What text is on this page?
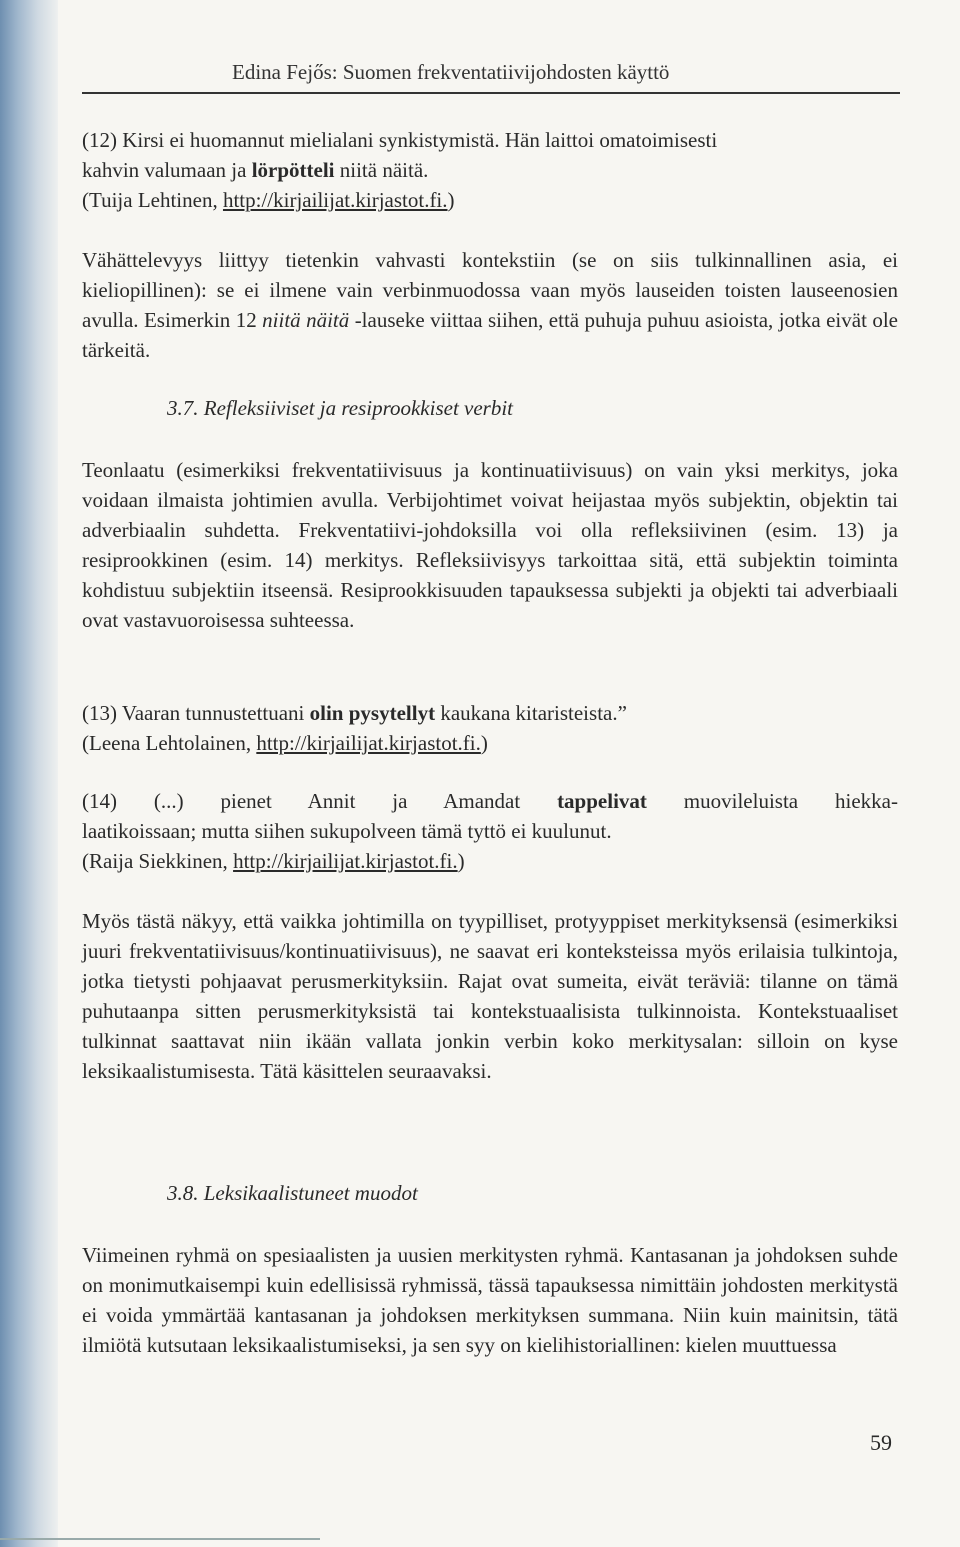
Edina Fejős: Suomen frekventatiivijohdosten käyttö
(12) Kirsi ei huomannut mielialani synkistymistä. Hän laittoi omatoimisesti
kahvin valumaan ja lörpötteli niitä näitä.
(Tuija Lehtinen, http://kirjailijat.kirjastot.fi.)

Vähättelevyys liittyy tietenkin vahvasti kontekstiin (se on siis tulkinnallinen asia, ei kieliopillinen): se ei ilmene vain verbinmuodossa vaan myös lauseiden toisten lauseenosien avulla. Esimerkin 12 niitä näitä -lauseke viittaa siihen, että puhuja puhuu asioista, jotka eivät ole tärkeitä.

3.7. Refleksiiviset ja resiprookkiset verbit

Teonlaatu (esimerkiksi frekventatiivisuus ja kontinuatiivisuus) on vain yksi merkitys, joka voidaan ilmaista johtimien avulla. Verbijohtimet voivat heijastaa myös subjektin, objektin tai adverbiaalin suhdetta. Frekventatiivi-johdoksilla voi olla refleksiivinen (esim. 13) ja resiprookkinen (esim. 14) merkitys. Refleksiivisyys tarkoittaa sitä, että subjektin toiminta kohdistuu subjektiin itseensä. Resiprookkisuuden tapauksessa subjekti ja objekti tai adverbiaali ovat vastavuoroisessa suhteessa.

(13) Vaaran tunnustettuani olin pysytellyt kaukana kitaristeista.”
(Leena Lehtolainen, http://kirjailijat.kirjastot.fi.)
(14) (...) pienet Annit ja Amandat tappelivat muovileluista hiekka-
laatikoissaan; mutta siihen sukupolveen tämä tyttö ei kuulunut.
(Raija Siekkinen, http://kirjailijat.kirjastot.fi.)

Myös tästä näkyy, että vaikka johtimilla on tyypilliset, protyyppiset merkityksensä (esimerkiksi juuri frekventatiivisuus/kontinuatiivisuus), ne saavat eri konteksteissa myös erilaisia tulkintoja, jotka tietysti pohjaavat perusmerkityksiin. Rajat ovat sumeita, eivät teräviä: tilanne on tämä puhutaanpa sitten perusmerkityksistä tai kontekstuaalisista tulkinnoista. Kontekstuaaliset tulkinnat saattavat niin ikään vallata jonkin verbin koko merkitysalan: silloin on kyse leksikaalistumisesta. Tätä käsittelen seuraavaksi.

3.8. Leksikaalistuneet muodot

Viimeinen ryhmä on spesiaalisten ja uusien merkitysten ryhmä. Kantasanan ja johdoksen suhde on monimutkaisempi kuin edellisissä ryhmissä, tässä tapauksessa nimittäin johdosten merkitystä ei voida ymmärtää kantasanan ja johdoksen merkityksen summana. Niin kuin mainitsin, tätä ilmiötä kutsutaan leksikaalistumiseksi, ja sen syy on kielihistoriallinen: kielen muuttuessa

59
